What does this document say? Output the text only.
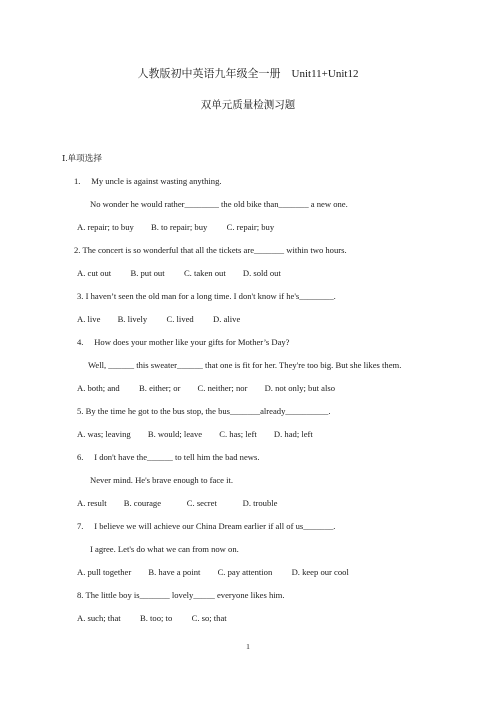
人教版初中英语九年级全一册　Unit11+Unit12
双单元质量检测习题
Ⅰ.单项选择
1.　 My uncle is against wasting anything.
No wonder he would rather________ the old bike than_______ a new one.
A. repair; to buy　　B. to repair; buy　　 C. repair; buy
2. The concert is so wonderful that all the tickets are_______ within two hours.
A. cut out　　 B. put out　　 C. taken out　　D. sold out
3. I haven’t seen the old man for a long time. I don't know if he's________.
A. live　　B. lively　　 C. lived　　 D. alive
4.　 How does your mother like your gifts for Mother’s Day?
Well, ______ this sweater______ that one is fit for her. They're too big. But she likes them.
A. both; and　　 B. either; or　　C. neither; nor　　D. not only; but also
5. By the time he got to the bus stop, the bus_______already__________.
A. was; leaving　　B. would; leave　　C. has; left　　D. had; left
6.　 I don't have the______ to tell him the bad news.
Never mind. He's brave enough to face it.
A. result　　B. courage　　　C. secret　　　D. trouble
7.　 I believe we will achieve our China Dream earlier if all of us_______.
I agree. Let's do what we can from now on.
A. pull together　　B. have a point　　C. pay attention　　 D. keep our cool
8. The little boy is_______ lovely_____ everyone likes him.
A. such; that　　 B. too; to　　 C. so; that
1
